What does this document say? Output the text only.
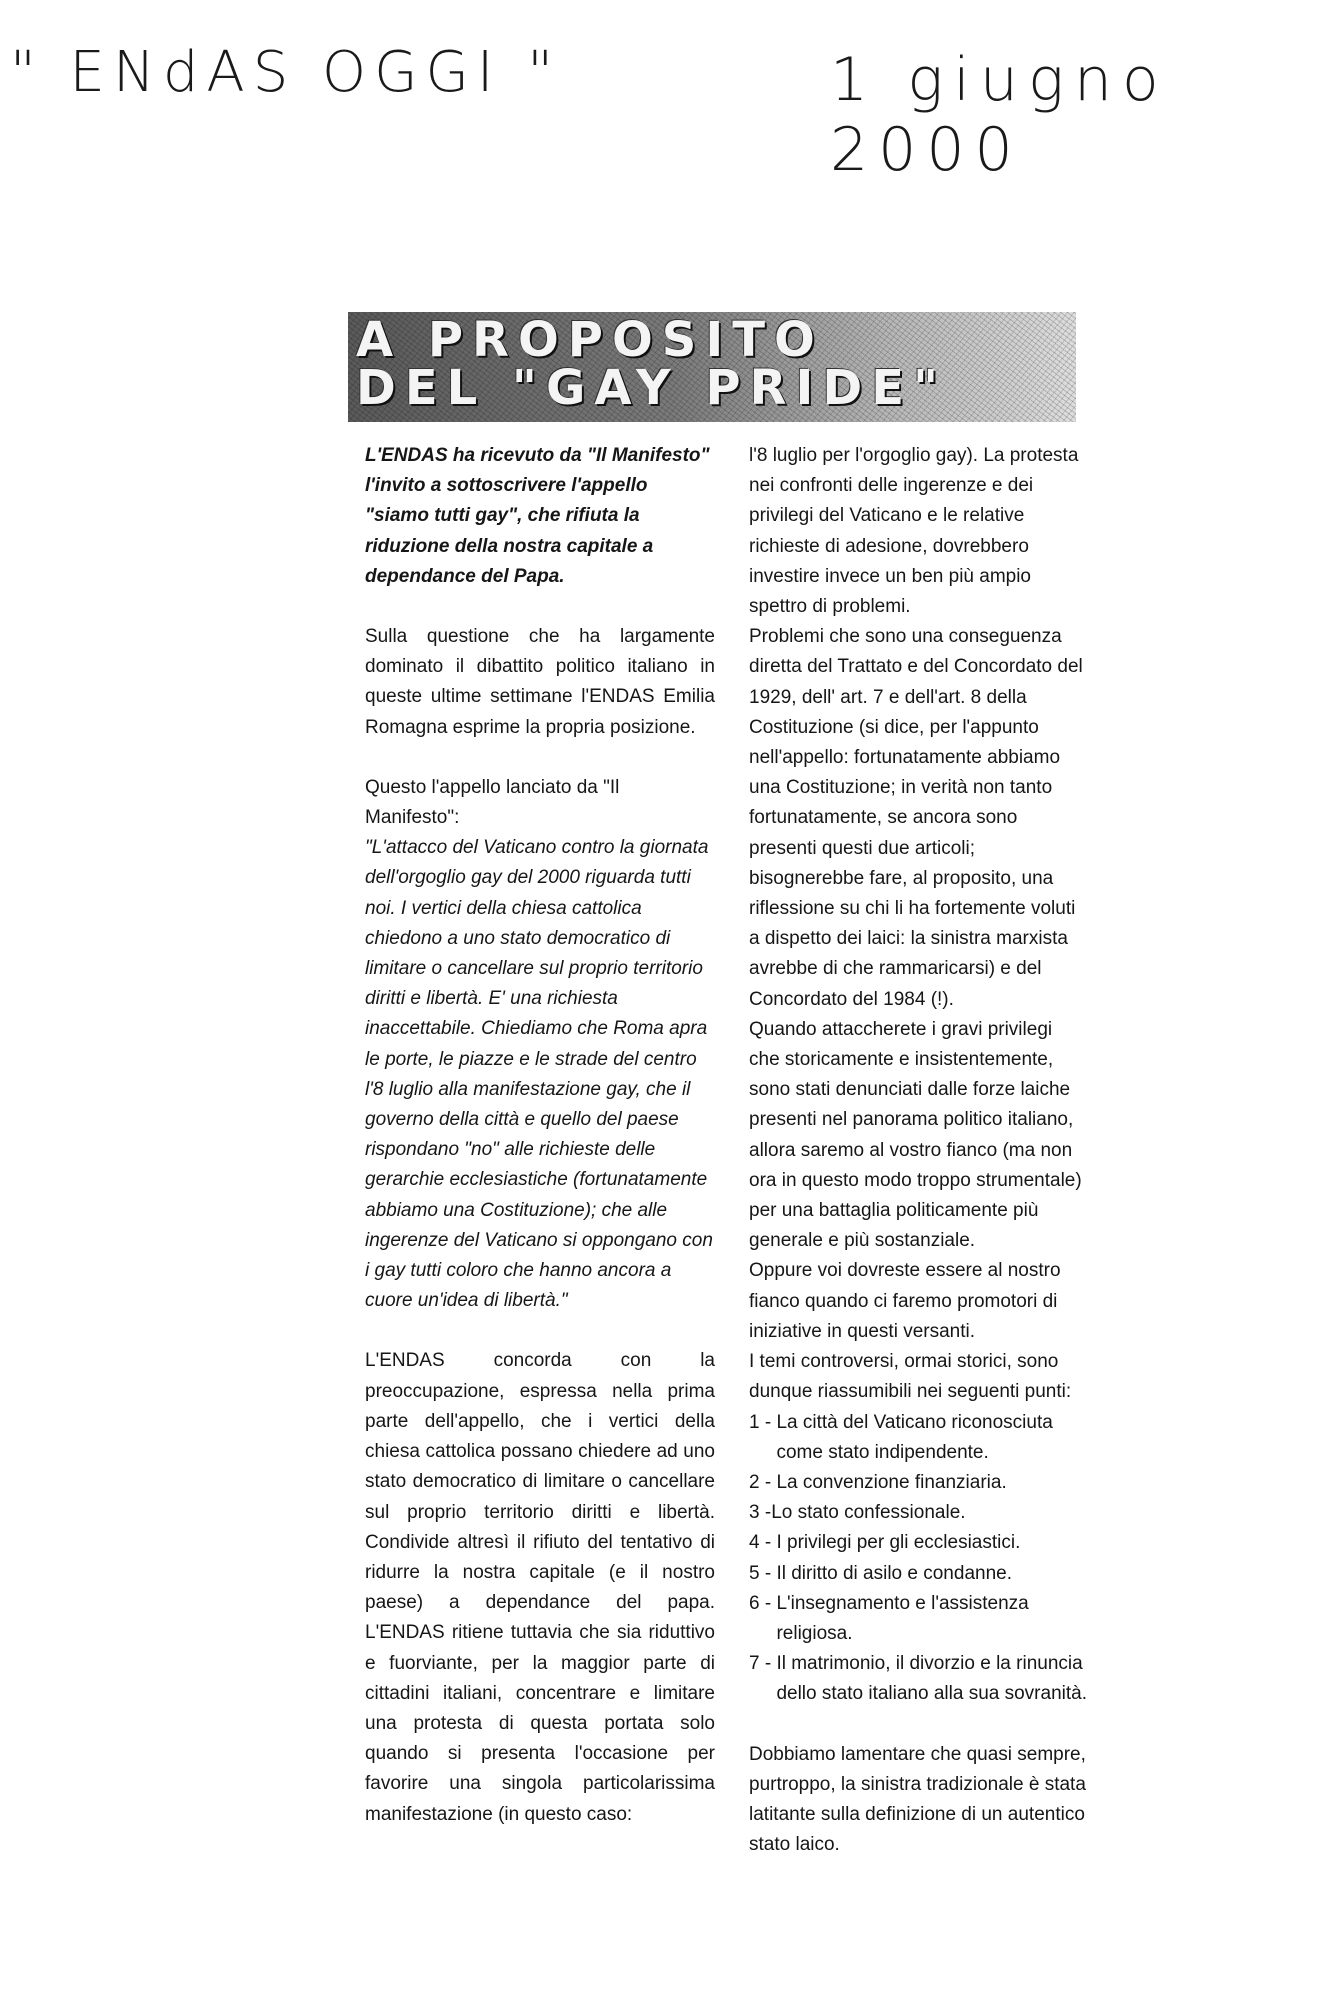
" ENdAS OGGI "	1 giugno 2000

A PROPOSITO

DEL "GAY PRIDE"

L'ENDAS ha ricevuto da "Il Manifesto" l'invito a sottoscrivere l'appello "siamo tutti gay", che rifiuta la riduzione della nostra capitale a dependance del Papa.

Sulla questione che ha largamente dominato il dibattito politico italiano in queste ultime settimane l'ENDAS Emilia Romagna esprime la propria posizione.

Questo l'appello lanciato da "Il Manifesto":

"L'attacco del Vaticano contro la giornata dell'orgoglio gay del 2000 riguarda tutti noi. I vertici della chiesa cattolica chiedono a uno stato democratico di limitare o cancellare sul proprio territorio diritti e libertà. E' una richiesta inaccettabile. Chiediamo che Roma apra le porte, le piazze e le strade del centro l'8 luglio alla manifestazione gay, che il governo della città e quello del paese rispondano "no" alle richieste delle gerarchie ecclesiastiche (fortunatamente abbiamo una Costituzione); che alle ingerenze del Vaticano si oppongano con i gay tutti coloro che hanno ancora a cuore un'idea di libertà."

L'ENDAS concorda con la preoccupazione, espressa nella prima parte dell'appello, che i vertici della chiesa cattolica possano chiedere ad uno stato democratico di limitare o cancellare sul proprio territorio diritti e libertà. Condivide altresì il rifiuto del tentativo di ridurre la nostra capitale (e il nostro paese) a dependance del papa. L'ENDAS ritiene tuttavia che sia riduttivo e fuorviante, per la maggior parte di cittadini italiani, concentrare e limitare una protesta di questa portata solo quando si presenta l'occasione per favorire una singola particolarissima manifestazione (in questo caso:

l'8 luglio per l'orgoglio gay). La protesta nei confronti delle ingerenze e dei privilegi del Vaticano e le relative richieste di adesione, dovrebbero investire invece un ben più ampio spettro di problemi.

Problemi che sono una conseguenza diretta del Trattato e del Concordato del 1929, dell' art. 7 e dell'art. 8 della Costituzione (si dice, per l'appunto nell'appello: fortunatamente abbiamo una Costituzione; in verità non tanto fortunatamente, se ancora sono presenti questi due articoli; bisognerebbe fare, al proposito, una riflessione su chi li ha fortemente voluti a dispetto dei laici: la sinistra marxista avrebbe di che rammaricarsi) e del Concordato del 1984 (!).

Quando attaccherete i gravi privilegi che storicamente e insistentemente, sono stati denunciati dalle forze laiche presenti nel panorama politico italiano, allora saremo al vostro fianco (ma non ora in questo modo troppo strumentale) per una battaglia politicamente più generale e più sostanziale.

Oppure voi dovreste essere al nostro fianco quando ci faremo promotori di iniziative in questi versanti.

I temi controversi, ormai storici, sono dunque riassumibili nei seguenti punti:

1 - La città del Vaticano riconosciuta come stato indipendente.
2 - La convenzione finanziaria.
3 - Lo stato confessionale.
4 - I privilegi per gli ecclesiastici.
5 - Il diritto di asilo e condanne.
6 - L'insegnamento e l'assistenza religiosa.
7 - Il matrimonio, il divorzio e la rinuncia dello stato italiano alla sua sovranità.

Dobbiamo lamentare che quasi sempre, purtroppo, la sinistra tradizionale è stata latitante sulla definizione di un autentico stato laico.
